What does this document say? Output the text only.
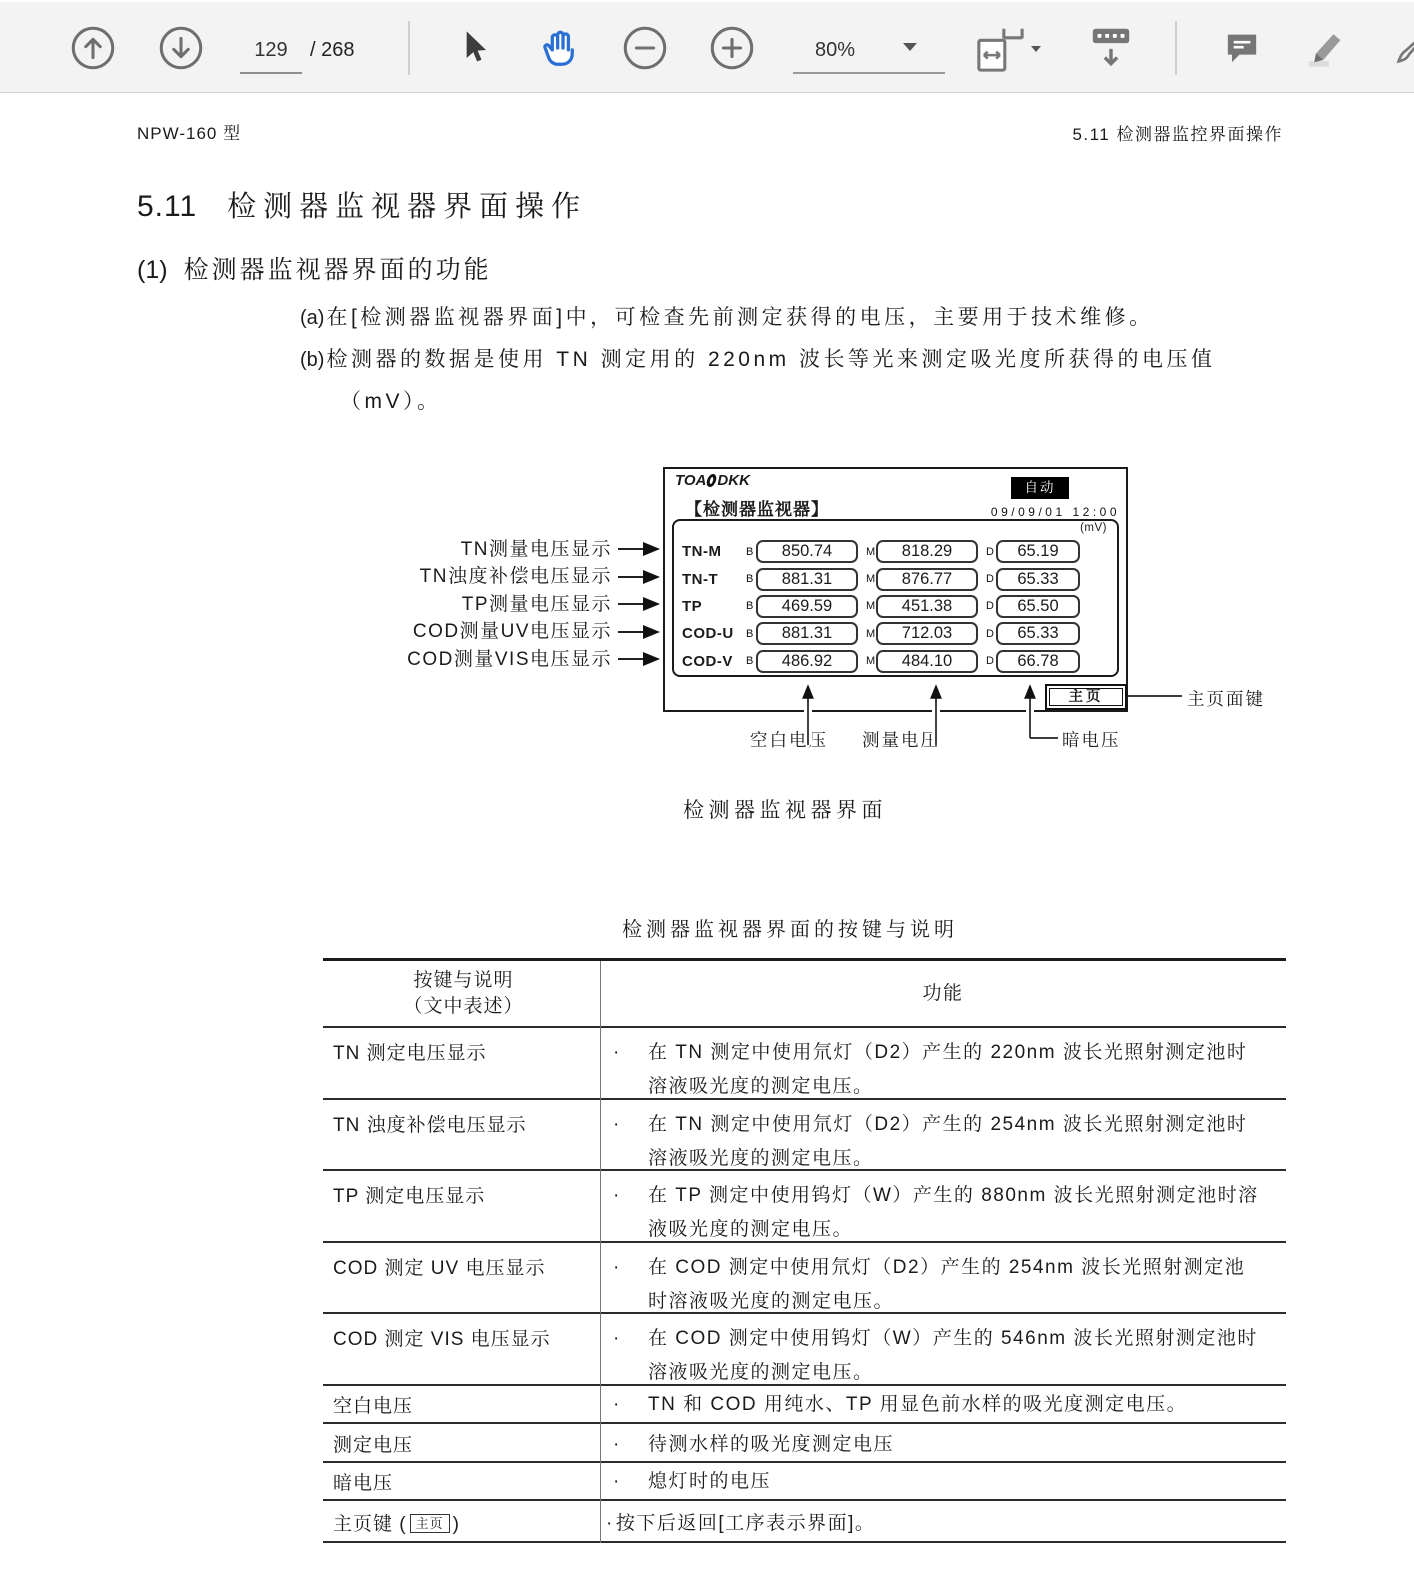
129	/ 268	80%
NPW-160 型	5.11 检测器监控界面操作
5.11 检测器监视器界面操作
(1) 检测器监视器界面的功能
(a)在[检测器监视器界面]中，可检查先前测定获得的电压，主要用于技术维修。
(b)检测器的数据是使用 TN 测定用的 220nm 波长等光来测定吸光度所获得的电压值
（mV）。
TOA DKK
【检测器监视器】
自动
09/09/01 12:00
(mV)
TN-M	B	850.74	M	818.29	D	65.19
TN-T	B	881.31	M	876.77	D	65.33
TP	B	469.59	M	451.38	D	65.50
COD-U	B	881.31	M	712.03	D	65.33
COD-V	B	486.92	M	484.10	D	66.78
主页
TN测量电压显示
TN浊度补偿电压显示
TP测量电压显示
COD测量UV电压显示
COD测量VIS电压显示
空白电压 测量电压	暗电压
主页面键
检测器监视器界面
检测器监视器界面的按键与说明
按键与说明
（文中表述）
功能
TN 测定电压显示	· 在 TN 测定中使用氘灯（D2）产生的 220nm 波长光照射测定池时
溶液吸光度的测定电压。
TN 浊度补偿电压显示	· 在 TN 测定中使用氘灯（D2）产生的 254nm 波长光照射测定池时
溶液吸光度的测定电压。
TP 测定电压显示	· 在 TP 测定中使用钨灯（W）产生的 880nm 波长光照射测定池时溶
液吸光度的测定电压。
COD 测定 UV 电压显示	· 在 COD 测定中使用氘灯（D2）产生的 254nm 波长光照射测定池
时溶液吸光度的测定电压。
COD 测定 VIS 电压显示	· 在 COD 测定中使用钨灯（W）产生的 546nm 波长光照射测定池时
溶液吸光度的测定电压。
空白电压	· TN 和 COD 用纯水、TP 用显色前水样的吸光度测定电压。
测定电压	· 待测水样的吸光度测定电压
暗电压	· 熄灯时的电压
主页键 ( 主页 )	· 按下后返回[工序表示界面]。
